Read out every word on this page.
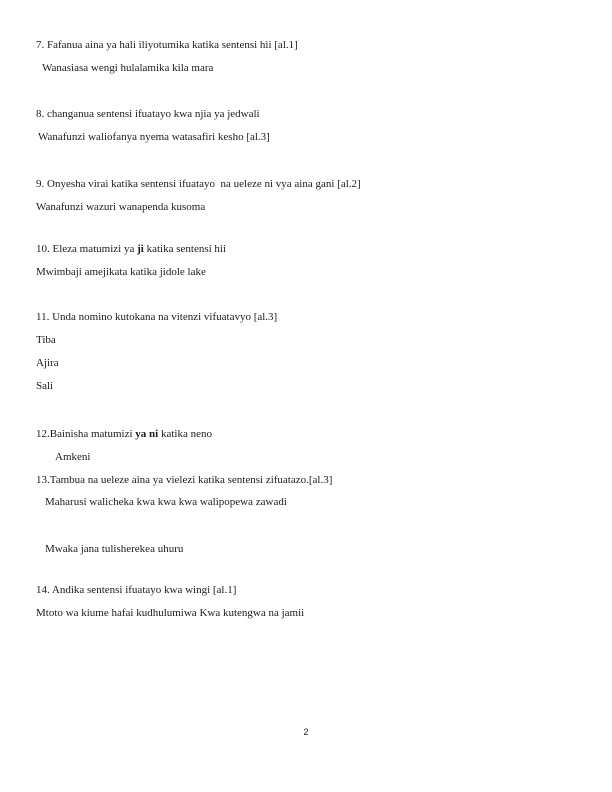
7. Fafanua aina ya hali iliyotumika katika sentensi hii [al.1]
Wanasiasa wengi hulalamika kila mara
8. changanua sentensi ifuatayo kwa njia ya jedwali
Wanafunzi waliofanya nyema watasafiri kesho [al.3]
9. Onyesha virai katika sentensi ifuatayo  na ueleze ni vya aina gani [al.2]
Wanafunzi wazuri wanapenda kusoma
10. Eleza matumizi ya ji katika sentensi hii
Mwimbaji amejikata katika jidole lake
11. Unda nomino kutokana na vitenzi vifuatavyo [al.3]
Tiba
Ajira
Sali
12.Bainisha matumizi ya ni katika neno
Amkeni
13.Tambua na ueleze aina ya vielezi katika sentensi zifuatazo.[al.3]
Maharusi walicheka kwa kwa kwa walipopewa zawadi
Mwaka jana tulisherekea uhuru
14. Andika sentensi ifuatayo kwa wingi [al.1]
Mtoto wa kiume hafai kudhulumiwa Kwa kutengwa na jamii
2
